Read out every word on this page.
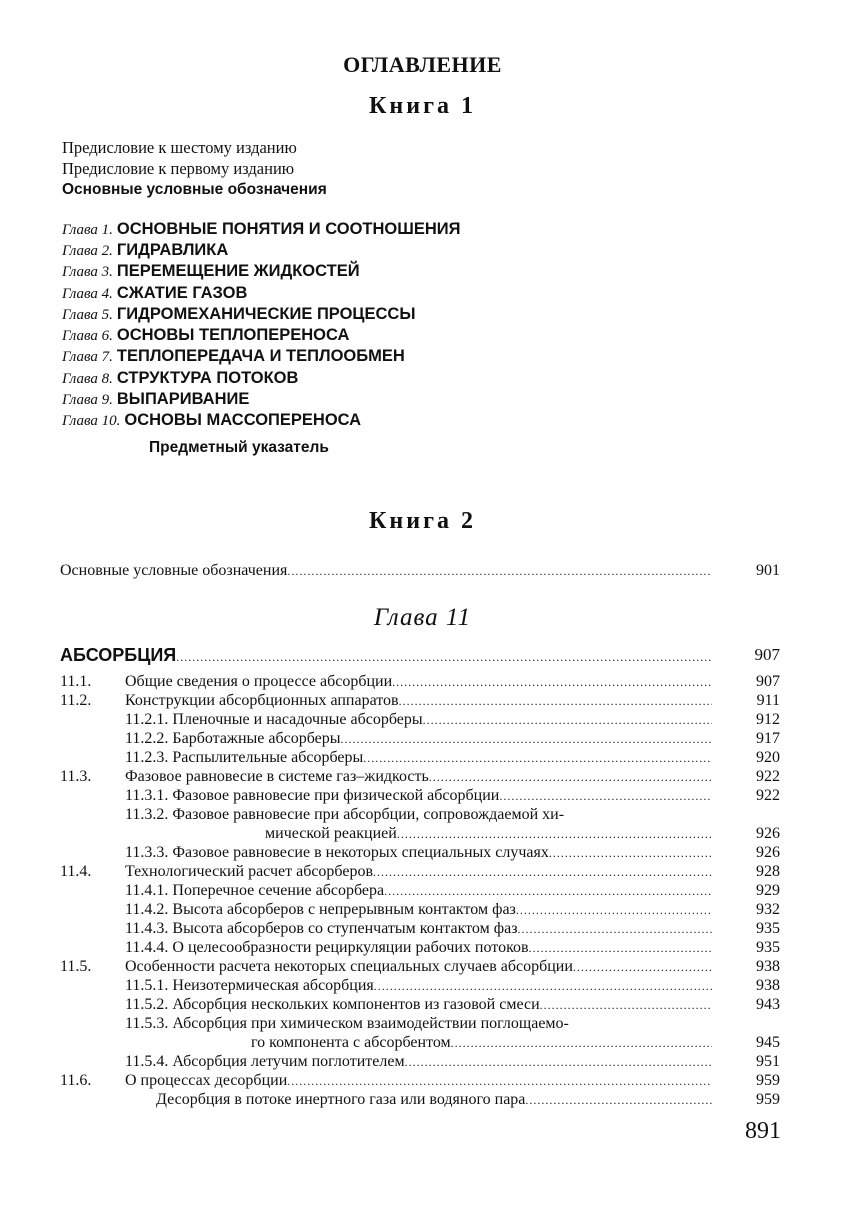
ОГЛАВЛЕНИЕ
Книга 1
Предисловие к шестому изданию
Предисловие к первому изданию
Основные условные обозначения
Глава 1. ОСНОВНЫЕ ПОНЯТИЯ И СООТНОШЕНИЯ
Глава 2. ГИДРАВЛИКА
Глава 3. ПЕРЕМЕЩЕНИЕ ЖИДКОСТЕЙ
Глава 4. СЖАТИЕ ГАЗОВ
Глава 5. ГИДРОМЕХАНИЧЕСКИЕ ПРОЦЕССЫ
Глава 6. ОСНОВЫ ТЕПЛОПЕРЕНОСА
Глава 7. ТЕПЛОПЕРЕДАЧА И ТЕПЛООБМЕН
Глава 8. СТРУКТУРА ПОТОКОВ
Глава 9. ВЫПАРИВАНИЕ
Глава 10. ОСНОВЫ МАССОПЕРЕНОСА
Предметный указатель
Книга 2
Основные условные обозначения .....	901
Глава 11
АБСОРБЦИЯ .....	907
11.1. Общие сведения о процессе абсорбции .....	907
11.2. Конструкции абсорбционных аппаратов .....	911
11.2.1. Пленочные и насадочные абсорберы .....	912
11.2.2. Барботажные абсорберы .....	917
11.2.3. Распылительные абсорберы .....	920
11.3. Фазовое равновесие в системе газ–жидкость .....	922
11.3.1. Фазовое равновесие при физической абсорбции .....	922
11.3.2. Фазовое равновесие при абсорбции, сопровождаемой хи-
мической реакцией .....	926
11.3.3. Фазовое равновесие в некоторых специальных случаях .....	926
11.4. Технологический расчет абсорберов .....	928
11.4.1. Поперечное сечение абсорбера .....	929
11.4.2. Высота абсорберов с непрерывным контактом фаз .....	932
11.4.3. Высота абсорберов со ступенчатым контактом фаз .....	935
11.4.4. О целесообразности рециркуляции рабочих потоков .....	935
11.5. Особенности расчета некоторых специальных случаев абсорбции .....	938
11.5.1. Неизотермическая абсорбция .....	938
11.5.2. Абсорбция нескольких компонентов из газовой смеси .....	943
11.5.3. Абсорбция при химическом взаимодействии поглощаемо-
го компонента с абсорбентом .....	945
11.5.4. Абсорбция летучим поглотителем .....	951
11.6. О процессах десорбции .....	959
Десорбция в потоке инертного газа или водяного пара .....	959
891
